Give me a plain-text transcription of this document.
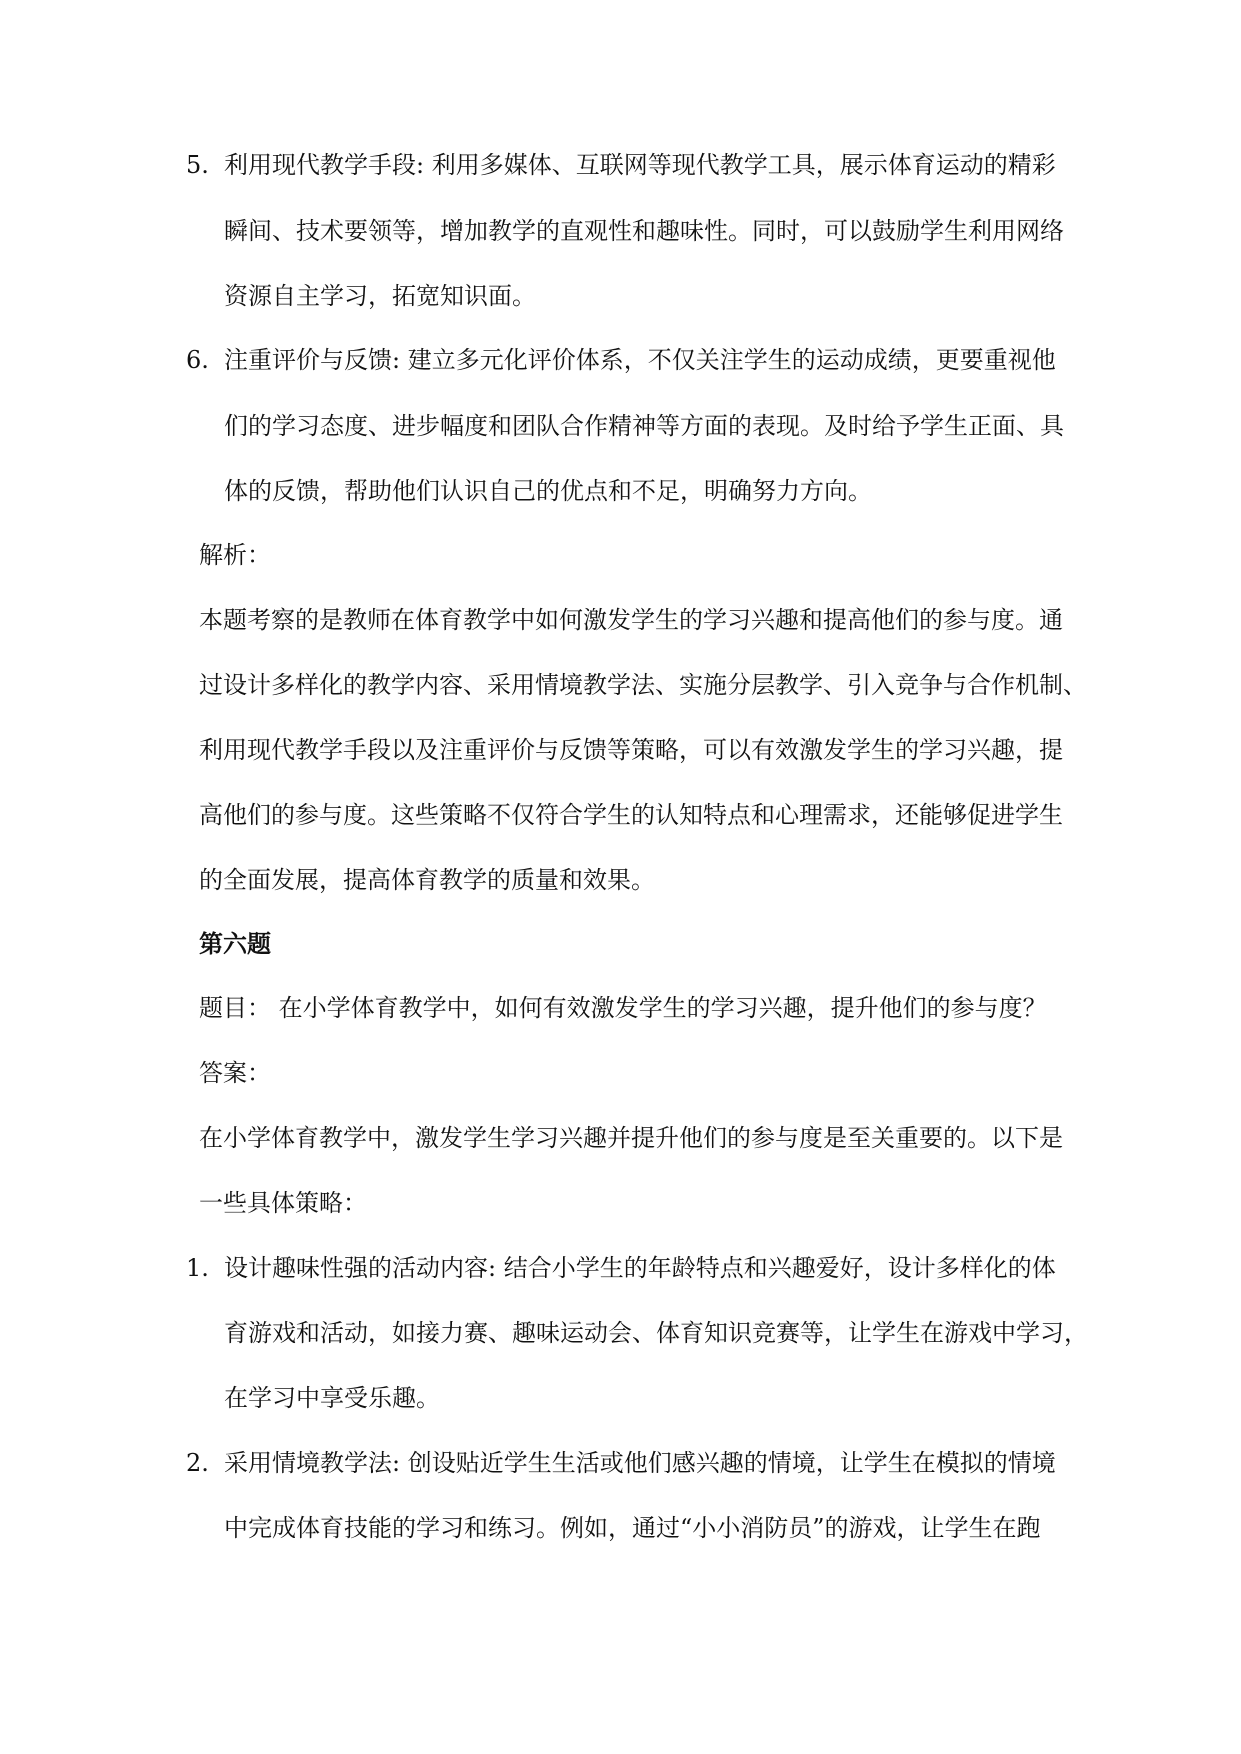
5. 利用现代教学手段: 利用多媒体、互联网等现代教学工具，展示体育运动的精彩
瞬间、技术要领等，增加教学的直观性和趣味性。同时，可以鼓励学生利用网络
资源自主学习，拓宽知识面。
6. 注重评价与反馈: 建立多元化评价体系，不仅关注学生的运动成绩，更要重视他
们的学习态度、进步幅度和团队合作精神等方面的表现。及时给予学生正面、具
体的反馈，帮助他们认识自己的优点和不足，明确努力方向。
解析：
本题考察的是教师在体育教学中如何激发学生的学习兴趣和提高他们的参与度。通
过设计多样化的教学内容、采用情境教学法、实施分层教学、引入竞争与合作机制、
利用现代教学手段以及注重评价与反馈等策略，可以有效激发学生的学习兴趣，提
高他们的参与度。这些策略不仅符合学生的认知特点和心理需求，还能够促进学生
的全面发展，提高体育教学的质量和效果。
第六题
题目： 在小学体育教学中，如何有效激发学生的学习兴趣，提升他们的参与度？
答案：
在小学体育教学中，激发学生学习兴趣并提升他们的参与度是至关重要的。以下是
一些具体策略：
1. 设计趣味性强的活动内容: 结合小学生的年龄特点和兴趣爱好，设计多样化的体
育游戏和活动，如接力赛、趣味运动会、体育知识竞赛等，让学生在游戏中学习，
在学习中享受乐趣。
2. 采用情境教学法: 创设贴近学生生活或他们感兴趣的情境，让学生在模拟的情境
中完成体育技能的学习和练习。例如，通过“小小消防员”的游戏，让学生在跑
